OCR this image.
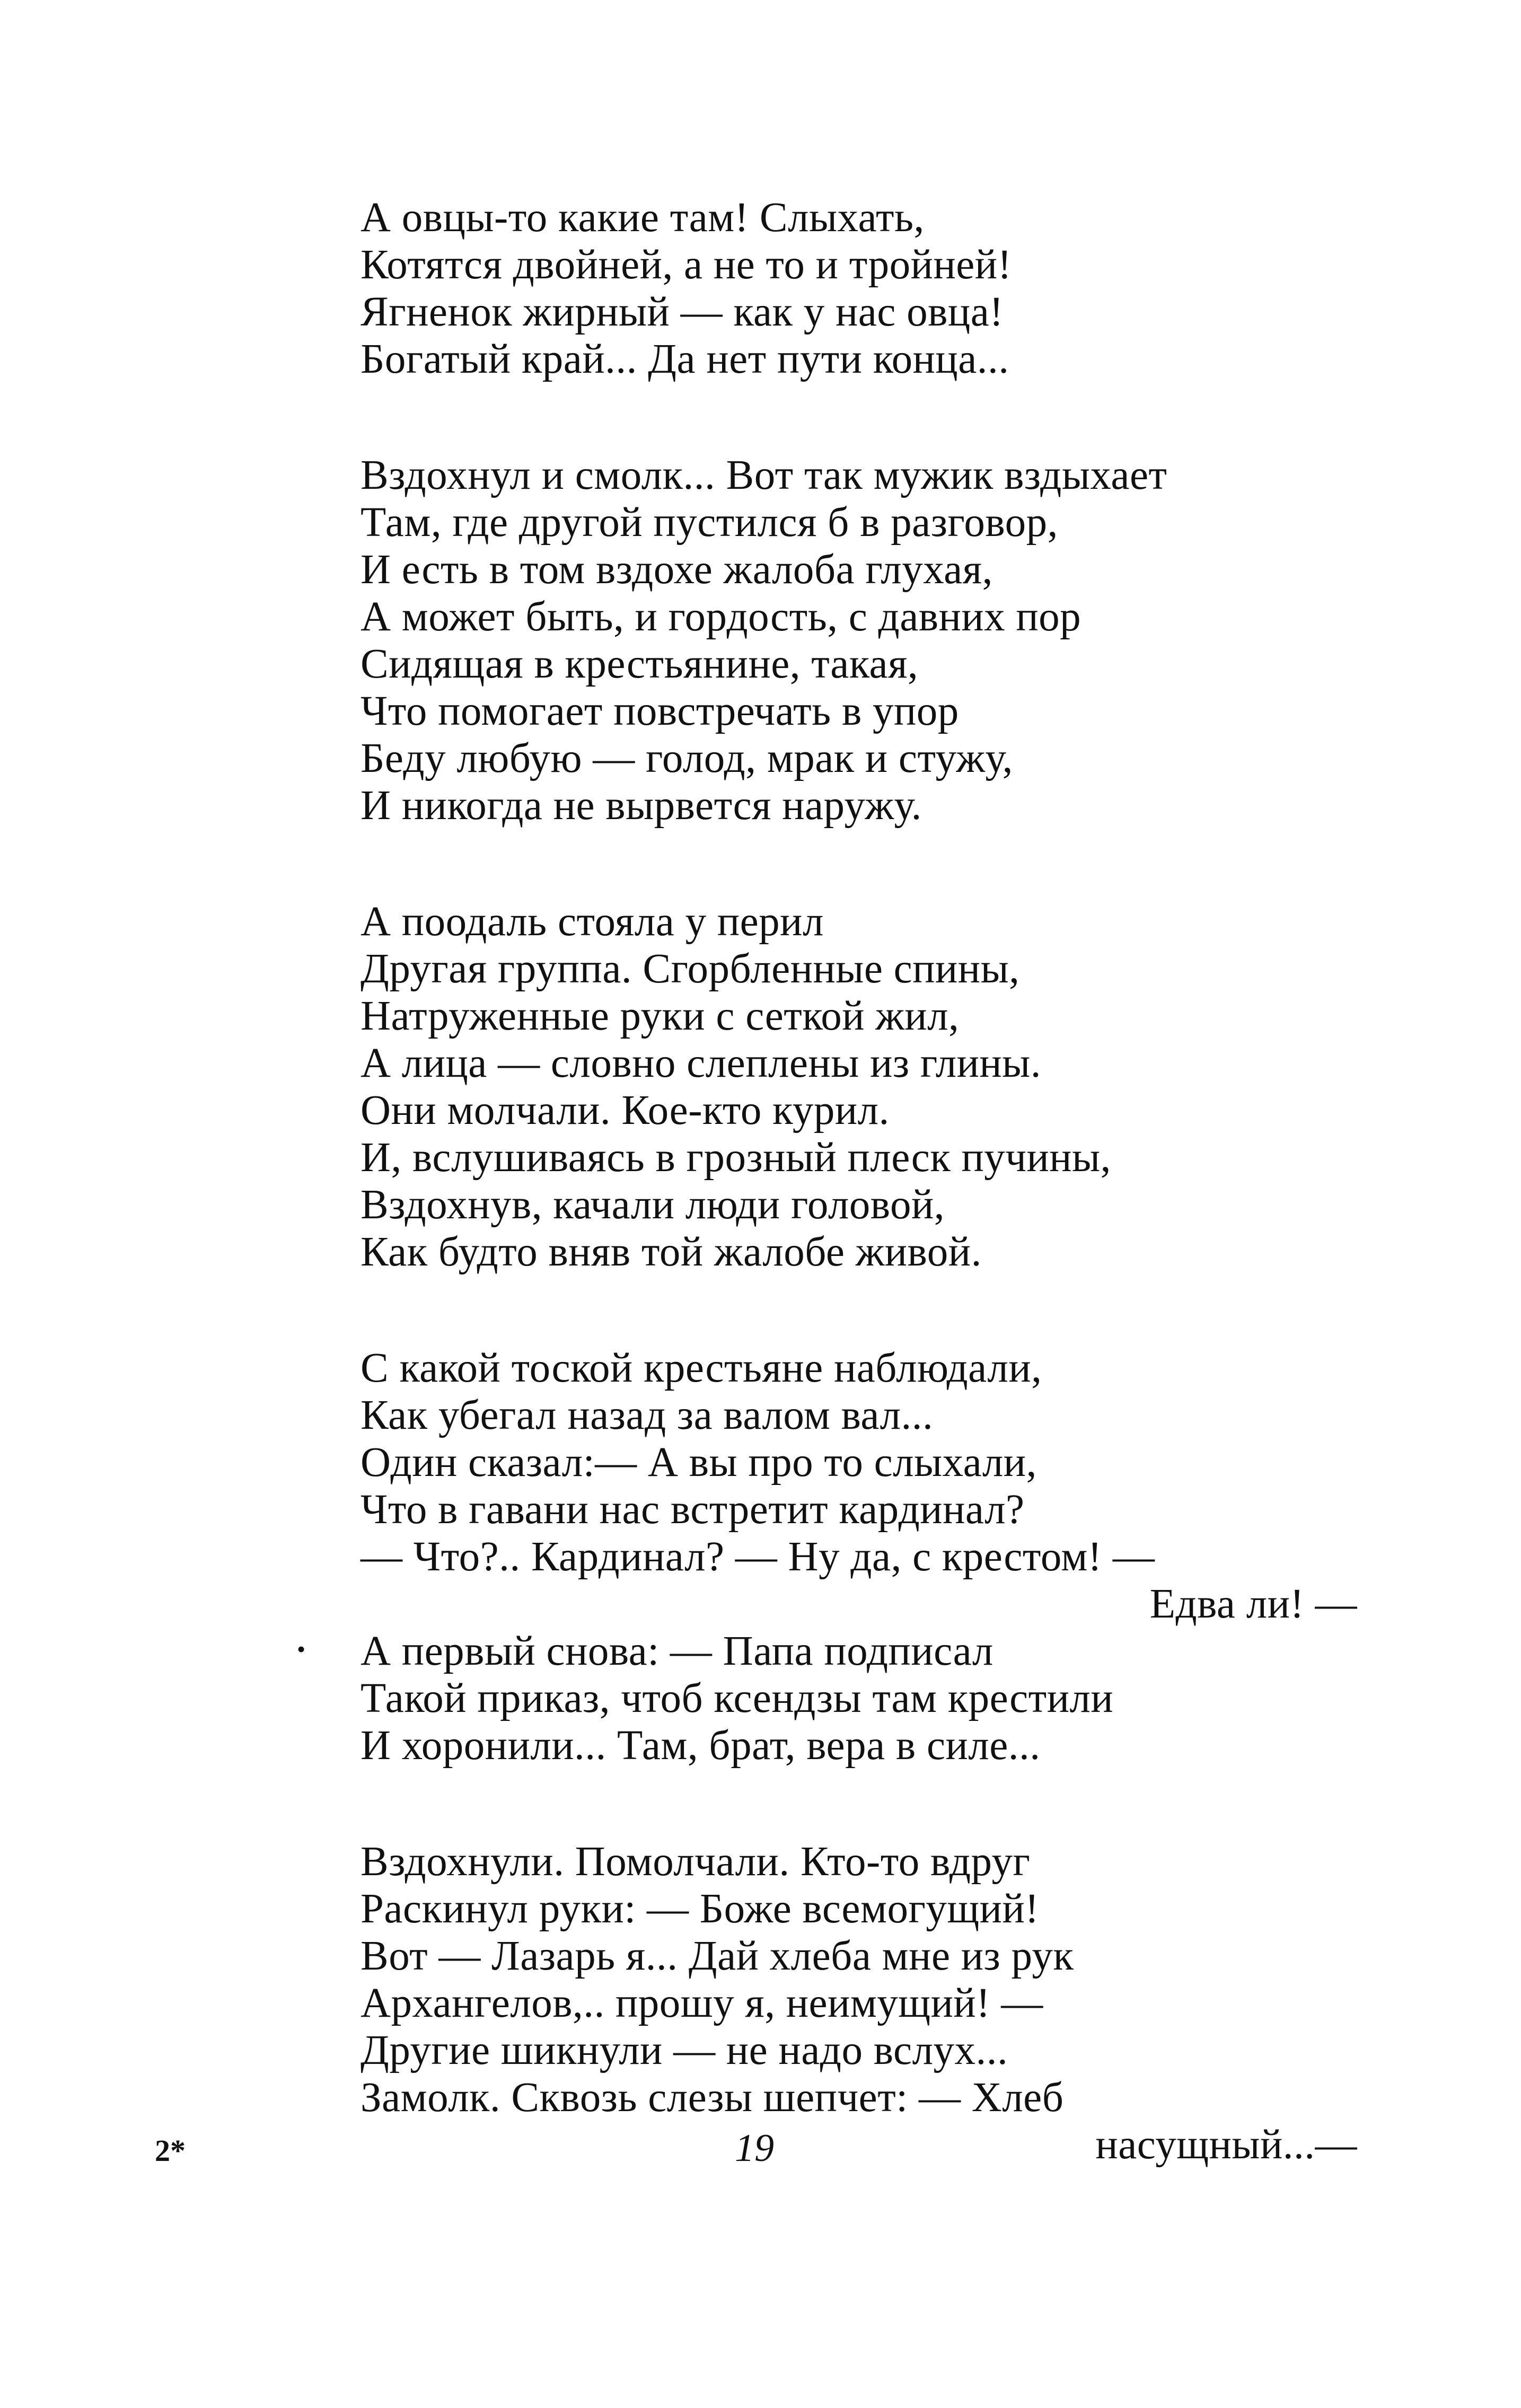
А овцы-то какие там! Слыхать,
Котятся двойней, а не то и тройней!
Ягненок жирный — как у нас овца!
Богатый край... Да нет пути конца...
Вздохнул и смолк... Вот так мужик вздыхает
Там, где другой пустился б в разговор,
И есть в том вздохе жалоба глухая,
А может быть, и гордость, с давних пор
Сидящая в крестьянине, такая,
Что помогает повстречать в упор
Беду любую — голод, мрак и стужу,
И никогда не вырвется наружу.
А поодаль стояла у перил
Другая группа. Сгорбленные спины,
Натруженные руки с сеткой жил,
А лица — словно слеплены из глины.
Они молчали. Кое-кто курил.
И, вслушиваясь в грозный плеск пучины,
Вздохнув, качали люди головой,
Как будто вняв той жалобе живой.
С какой тоской крестьяне наблюдали,
Как убегал назад за валом вал...
Один сказал:— А вы про то слыхали,
Что в гавани нас встретит кардинал?
— Что?.. Кардинал? — Ну да, с крестом! —
Едва ли! —
А первый снова: — Папа подписал
Такой приказ, чтоб ксендзы там крестили
И хоронили... Там, брат, вера в силе...
Вздохнули. Помолчали. Кто-то вдруг
Раскинул руки: — Боже всемогущий!
Вот — Лазарь я... Дай хлеба мне из рук
Архангелов,.. прошу я, неимущий! —
Другие шикнули — не надо вслух...
Замолк. Сквозь слезы шепчет: — Хлеб
насущный...—
•
2*	19
